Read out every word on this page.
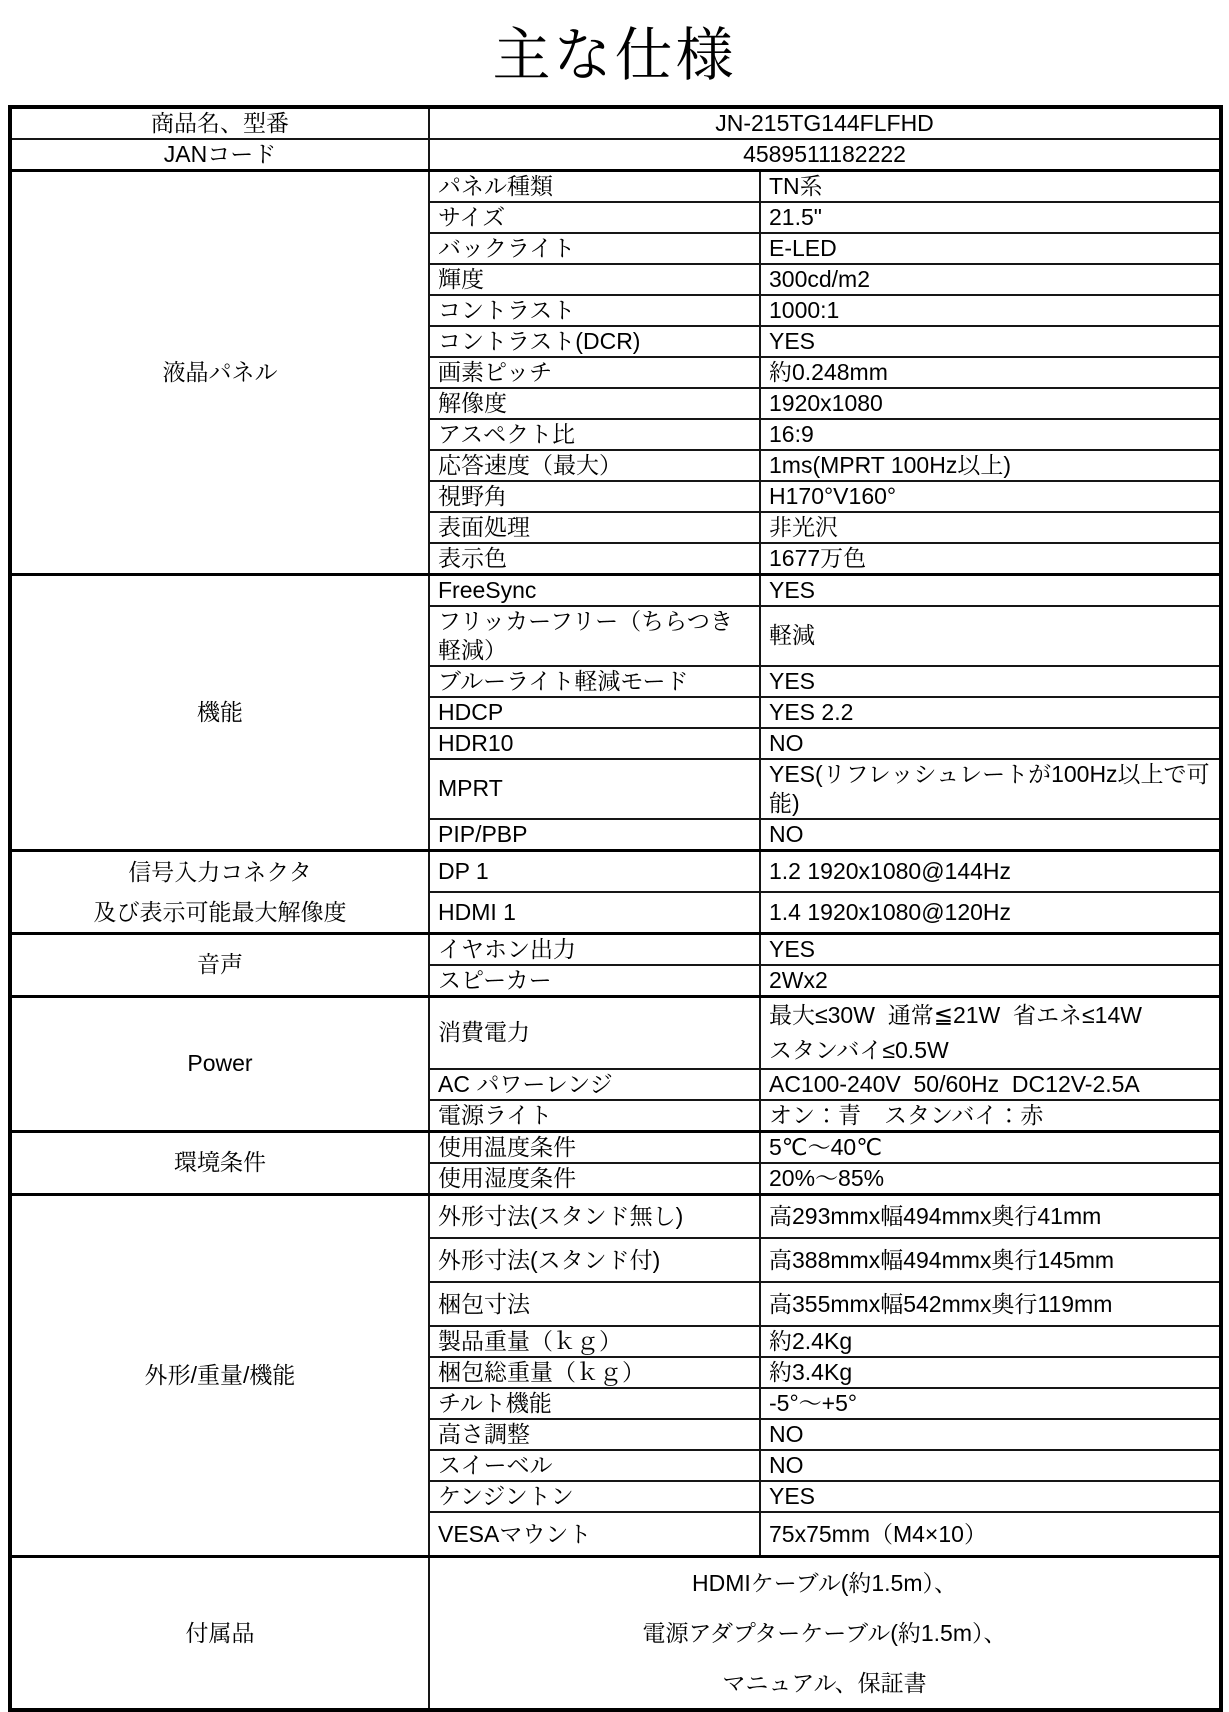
主な仕様
商品名、型番	JN-215TG144FLFHD	
JANコード	4589511182222	
液晶パネル	パネル種類	TN系
	サイズ	21.5"
	バックライト	E-LED
	輝度	300cd/m2
	コントラスト	1000:1
	コントラスト(DCR)	YES
	画素ピッチ	約0.248mm
	解像度	1920x1080
	アスペクト比	16:9
	応答速度（最大）	1ms(MPRT 100Hz以上)
	視野角	H170°V160°
	表面処理	非光沢
	表示色	1677万色
機能	FreeSync	YES
	フリッカーフリー（ちらつき軽減）	軽減
	ブルーライト軽減モード	YES
	HDCP	YES 2.2
	HDR10	NO
	MPRT	YES(リフレッシュレートが100Hz以上で可能)
	PIP/PBP	NO

信号入力コネクタ
及び表示可能最大解像度	DP 1	1.2 1920x1080@144Hz
	HDMI 1	1.4 1920x1080@120Hz
音声	イヤホン出力	YES
	スピーカー	2Wx2
Power	消費電力	最大≤30W  通常≦21W  省エネ≤14W
スタンバイ≤0.5W

	AC パワーレンジ	AC100-240V  50/60Hz  DC12V-2.5A
	電源ライト	オン：青　スタンバイ：赤
環境条件	使用温度条件	5℃～40℃
	使用湿度条件	20%～85%
外形/重量/機能	外形寸法(スタンド無し)	高293mmx幅494mmx奥行41mm
	外形寸法(スタンド付)	高388mmx幅494mmx奥行145mm
	梱包寸法	高355mmx幅542mmx奥行119mm
	製品重量（ｋｇ）	約2.4Kg
	梱包総重量（ｋｇ）	約3.4Kg
	チルト機能	-5°～+5°
	高さ調整	NO
	スイーベル	NO
	ケンジントン	YES
	VESAマウント	75x75mm（M4×10）

付属品	HDMIケーブル(約1.5m）、
電源アダプターケーブル(約1.5m）、
マニュアル、保証書	
